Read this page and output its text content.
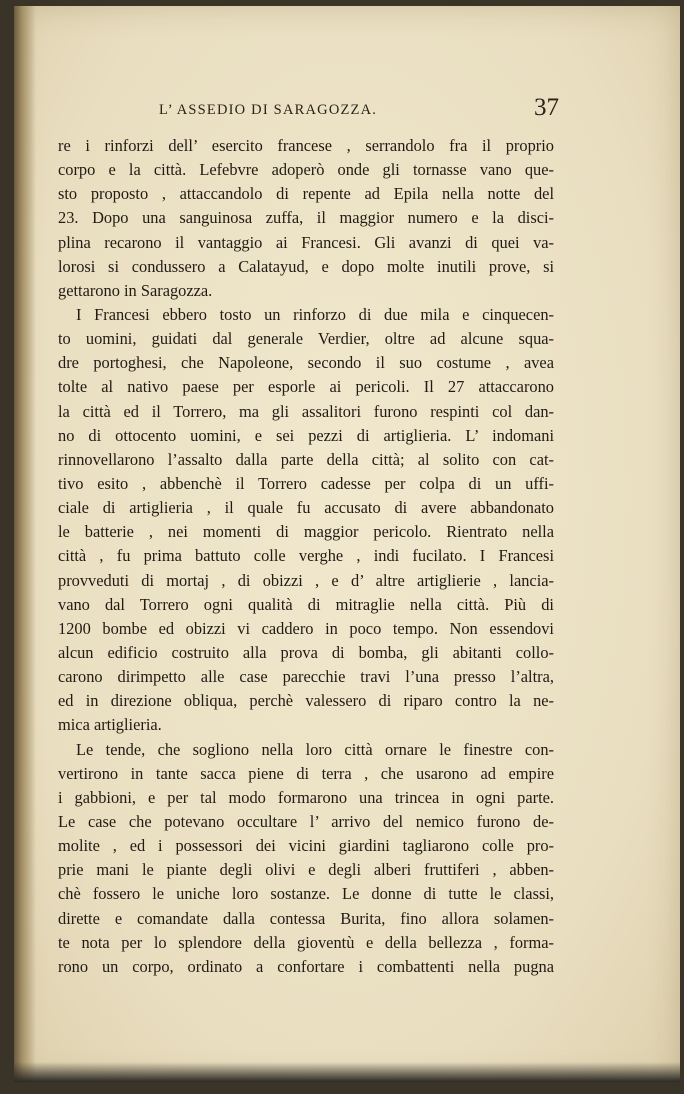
L’ ASSEDIO DI SARAGOZZA.	37
re i rinforzi dell’ esercito francese , serrandolo fra il proprio
corpo e la città. Lefebvre adoperò onde gli tornasse vano que-
sto proposto , attaccandolo di repente ad Epila nella notte del
23. Dopo una sanguinosa zuffa, il maggior numero e la disci-
plina recarono il vantaggio ai Francesi. Gli avanzi di quei va-
lorosi si condussero a Calatayud, e dopo molte inutili prove, si
gettarono in Saragozza.
I Francesi ebbero tosto un rinforzo di due mila e cinquecen-
to uomini, guidati dal generale Verdier, oltre ad alcune squa-
dre portoghesi, che Napoleone, secondo il suo costume , avea
tolte al nativo paese per esporle ai pericoli. Il 27 attaccarono
la città ed il Torrero, ma gli assalitori furono respinti col dan-
no di ottocento uomini, e sei pezzi di artiglieria. L’ indomani
rinnovellarono l’assalto dalla parte della città; al solito con cat-
tivo esito , abbenchè il Torrero cadesse per colpa di un uffi-
ciale di artiglieria , il quale fu accusato di avere abbandonato
le batterie , nei momenti di maggior pericolo. Rientrato nella
città , fu prima battuto colle verghe , indi fucilato. I Francesi
provveduti di mortaj , di obizzi , e d’ altre artiglierie , lancia-
vano dal Torrero ogni qualità di mitraglie nella città. Più di
1200 bombe ed obizzi vi caddero in poco tempo. Non essendovi
alcun edificio costruito alla prova di bomba, gli abitanti collo-
carono dirimpetto alle case parecchie travi l’una presso l’altra,
ed in direzione obliqua, perchè valessero di riparo contro la ne-
mica artiglieria.
Le tende, che sogliono nella loro città ornare le finestre con-
vertirono in tante sacca piene di terra , che usarono ad empire
i gabbioni, e per tal modo formarono una trincea in ogni parte.
Le case che potevano occultare l’ arrivo del nemico furono de-
molite , ed i possessori dei vicini giardini tagliarono colle pro-
prie mani le piante degli olivi e degli alberi fruttiferi , abben-
chè fossero le uniche loro sostanze. Le donne di tutte le classi,
dirette e comandate dalla contessa Burita, fino allora solamen-
te nota per lo splendore della gioventù e della bellezza , forma-
rono un corpo, ordinato a confortare i combattenti nella pugna
